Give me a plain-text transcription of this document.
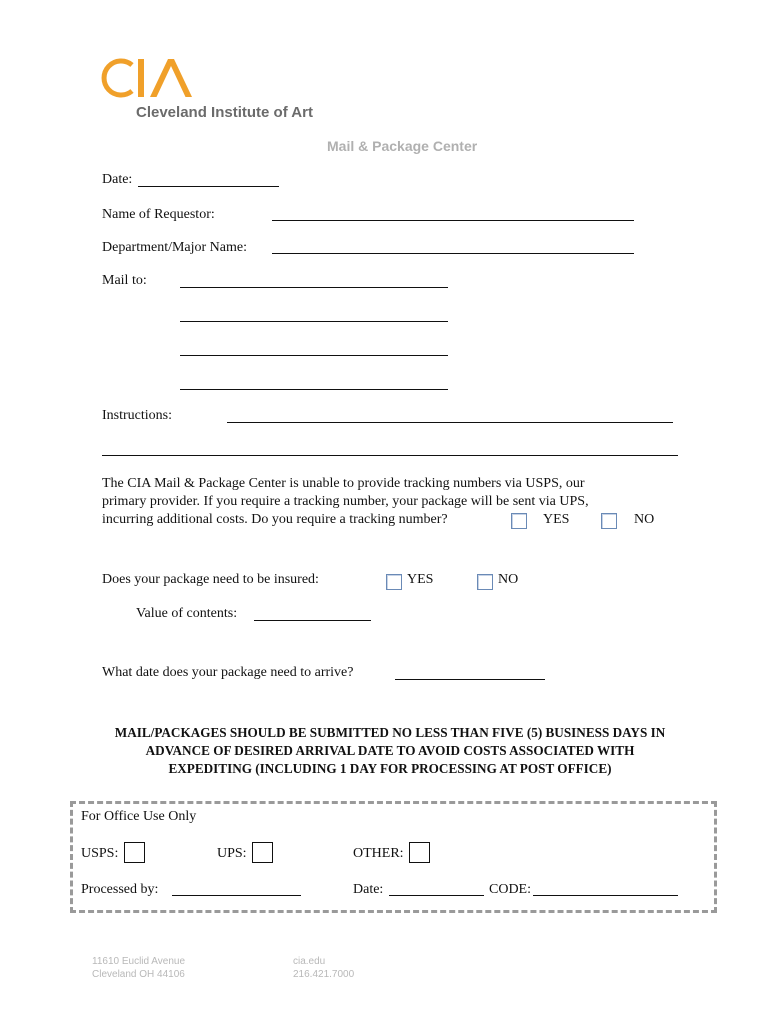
Cleveland Institute of Art
Mail & Package Center
Date:
Name of Requestor:
Department/Major Name:
Mail to:
Instructions:
The CIA Mail & Package Center is unable to provide tracking numbers via USPS, our
primary provider. If you require a tracking number, your package will be sent via UPS,
incurring additional costs. Do you require a tracking number?	YES	NO
Does your package need to be insured:	YES	NO
Value of contents:
What date does your package need to arrive?
MAIL/PACKAGES SHOULD BE SUBMITTED NO LESS THAN FIVE (5) BUSINESS DAYS IN
ADVANCE OF DESIRED ARRIVAL DATE TO AVOID COSTS ASSOCIATED WITH
EXPEDITING (INCLUDING 1 DAY FOR PROCESSING AT POST OFFICE)
For Office Use Only
USPS:	UPS:	OTHER:
Processed by:	Date:	CODE:
11610 Euclid Avenue
Cleveland OH 44106
cia.edu
216.421.7000
